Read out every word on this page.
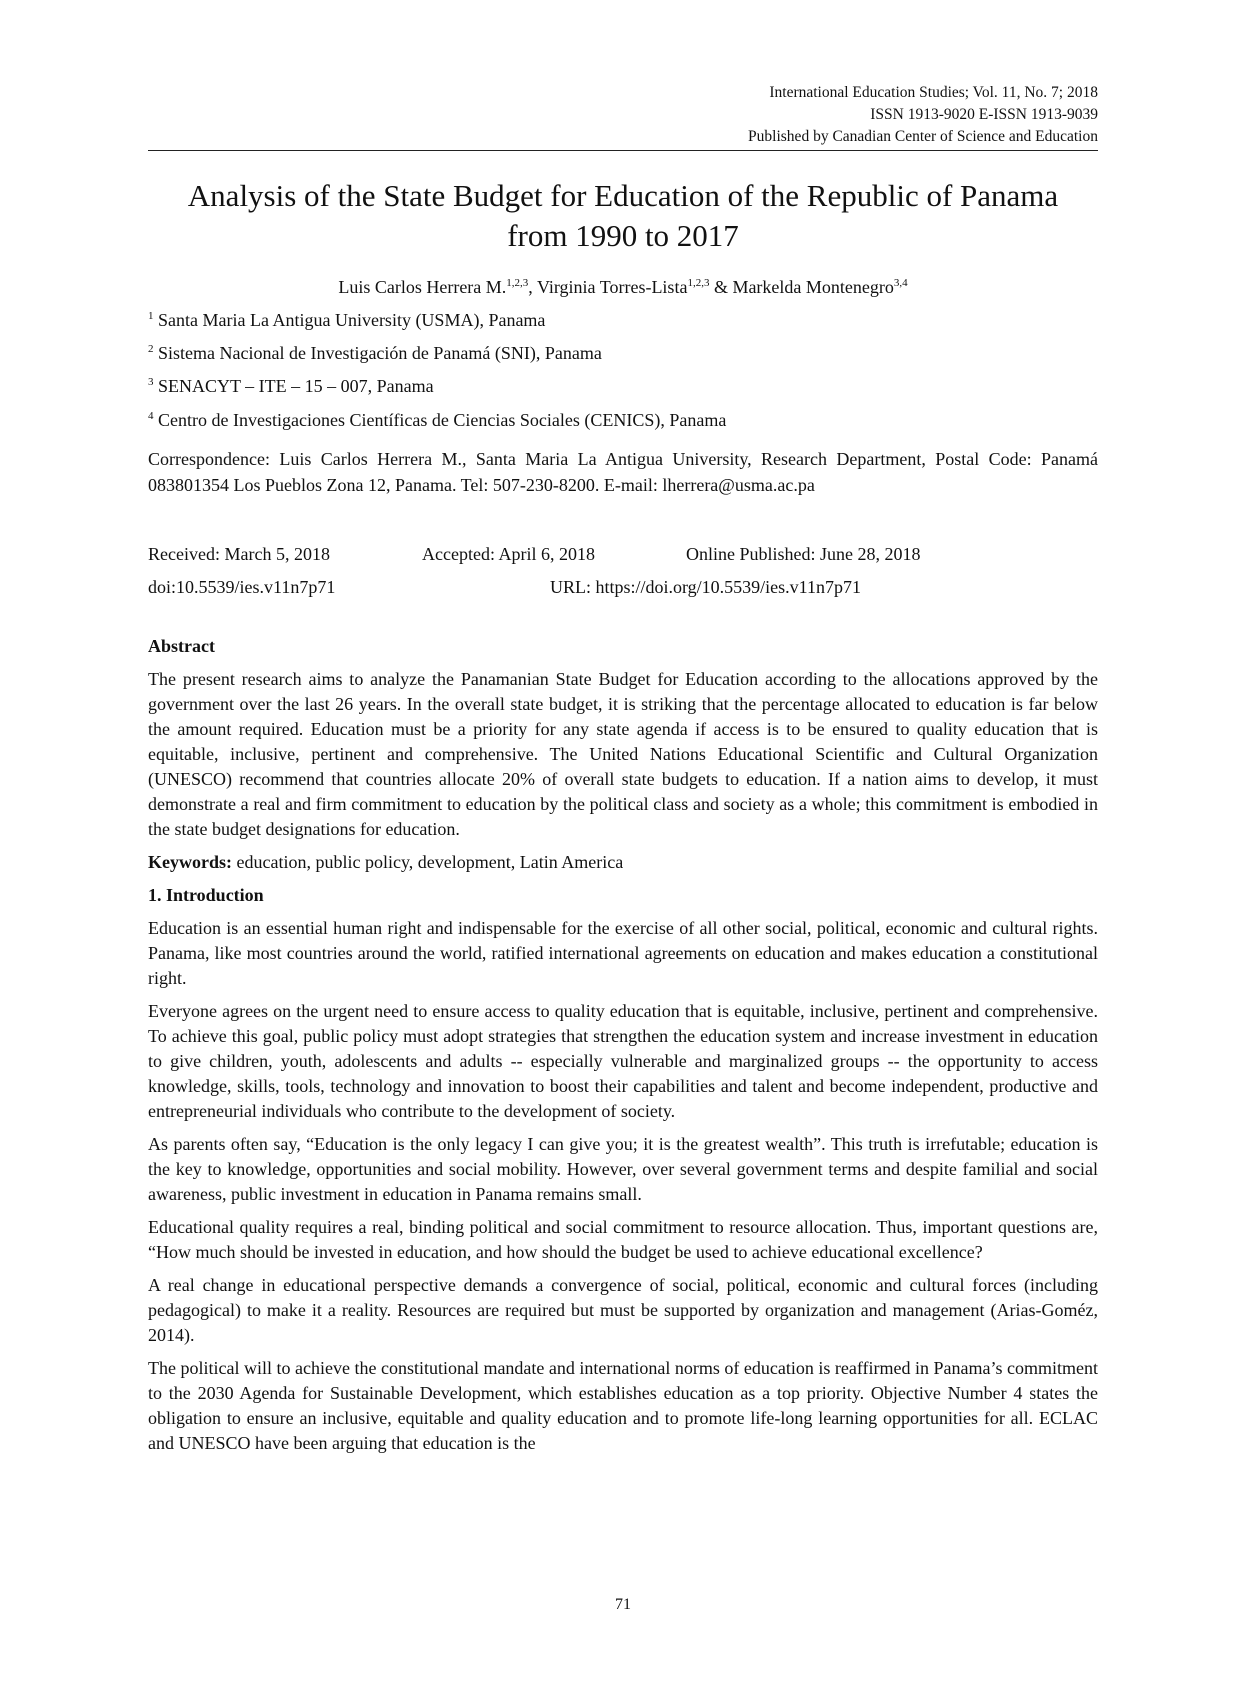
International Education Studies; Vol. 11, No. 7; 2018
ISSN 1913-9020 E-ISSN 1913-9039
Published by Canadian Center of Science and Education
Analysis of the State Budget for Education of the Republic of Panama
from 1990 to 2017
Luis Carlos Herrera M.$^{1,2,3}$, Virginia Torres-Lista$^{1,2,3}$ & Markelda Montenegro$^{3,4}$
$^1$ Santa Maria La Antigua University (USMA), Panama
$^2$ Sistema Nacional de Investigación de Panamá (SNI), Panama
$^3$ SENACYT – ITE – 15 – 007, Panama
$^4$ Centro de Investigaciones Científicas de Ciencias Sociales (CENICS), Panama
Correspondence: Luis Carlos Herrera M., Santa Maria La Antigua University, Research Department, Postal Code: Panamá 083801354 Los Pueblos Zona 12, Panama. Tel: 507-230-8200. E-mail: lherrera@usma.ac.pa
Received: March 5, 2018	Accepted: April 6, 2018	Online Published: June 28, 2018
doi:10.5539/ies.v11n7p71	URL: https://doi.org/10.5539/ies.v11n7p71

Abstract

The present research aims to analyze the Panamanian State Budget for Education according to the allocations approved by the government over the last 26 years. In the overall state budget, it is striking that the percentage allocated to education is far below the amount required. Education must be a priority for any state agenda if access is to be ensured to quality education that is equitable, inclusive, pertinent and comprehensive. The United Nations Educational Scientific and Cultural Organization (UNESCO) recommend that countries allocate 20% of overall state budgets to education. If a nation aims to develop, it must demonstrate a real and firm commitment to education by the political class and society as a whole; this commitment is embodied in the state budget designations for education.

Keywords: education, public policy, development, Latin America

1. Introduction

Education is an essential human right and indispensable for the exercise of all other social, political, economic and cultural rights. Panama, like most countries around the world, ratified international agreements on education and makes education a constitutional right.

Everyone agrees on the urgent need to ensure access to quality education that is equitable, inclusive, pertinent and comprehensive. To achieve this goal, public policy must adopt strategies that strengthen the education system and increase investment in education to give children, youth, adolescents and adults -- especially vulnerable and marginalized groups -- the opportunity to access knowledge, skills, tools, technology and innovation to boost their capabilities and talent and become independent, productive and entrepreneurial individuals who contribute to the development of society.

As parents often say, “Education is the only legacy I can give you; it is the greatest wealth”. This truth is irrefutable; education is the key to knowledge, opportunities and social mobility. However, over several government terms and despite familial and social awareness, public investment in education in Panama remains small.

Educational quality requires a real, binding political and social commitment to resource allocation. Thus, important questions are, “How much should be invested in education, and how should the budget be used to achieve educational excellence?

A real change in educational perspective demands a convergence of social, political, economic and cultural forces (including pedagogical) to make it a reality. Resources are required but must be supported by organization and management (Arias-Goméz, 2014).

The political will to achieve the constitutional mandate and international norms of education is reaffirmed in Panama’s commitment to the 2030 Agenda for Sustainable Development, which establishes education as a top priority. Objective Number 4 states the obligation to ensure an inclusive, equitable and quality education and to promote life-long learning opportunities for all. ECLAC and UNESCO have been arguing that education is the

71
